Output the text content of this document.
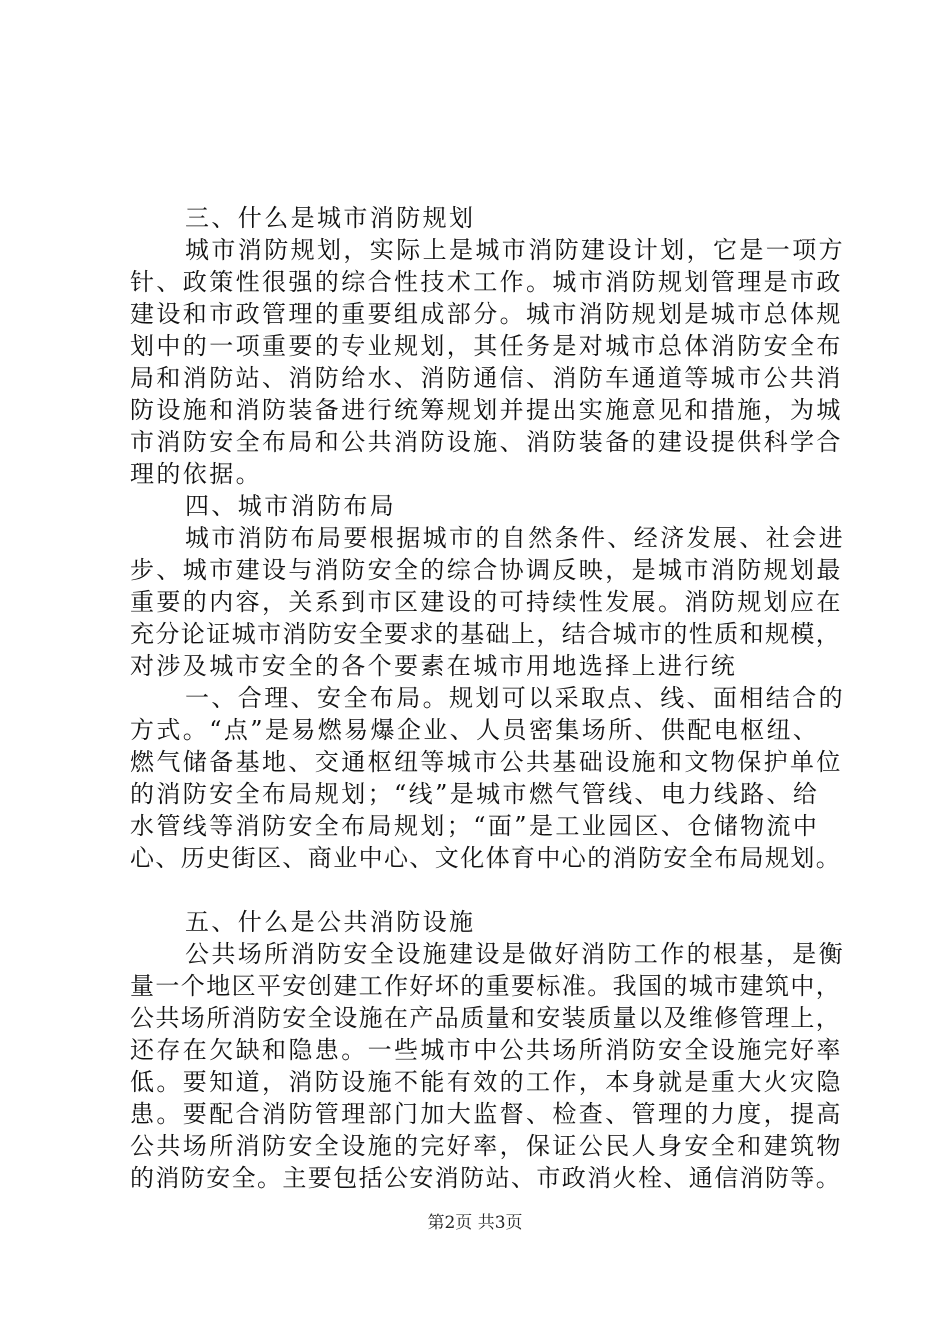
三、什么是城市消防规划
城市消防规划，实际上是城市消防建设计划，它是一项方
针、政策性很强的综合性技术工作。城市消防规划管理是市政
建设和市政管理的重要组成部分。城市消防规划是城市总体规
划中的一项重要的专业规划，其任务是对城市总体消防安全布
局和消防站、消防给水、消防通信、消防车通道等城市公共消
防设施和消防装备进行统筹规划并提出实施意见和措施，为城
市消防安全布局和公共消防设施、消防装备的建设提供科学合
理的依据。
四、城市消防布局
城市消防布局要根据城市的自然条件、经济发展、社会进
步、城市建设与消防安全的综合协调反映，是城市消防规划最
重要的内容，关系到市区建设的可持续性发展。消防规划应在
充分论证城市消防安全要求的基础上，结合城市的性质和规模，
对涉及城市安全的各个要素在城市用地选择上进行统
一、合理、安全布局。规划可以采取点、线、面相结合的
方式。“点”是易燃易爆企业、人员密集场所、供配电枢纽、
燃气储备基地、交通枢纽等城市公共基础设施和文物保护单位
的消防安全布局规划；“线”是城市燃气管线、电力线路、给
水管线等消防安全布局规划；“面”是工业园区、仓储物流中
心、历史街区、商业中心、文化体育中心的消防安全布局规划。
五、什么是公共消防设施
公共场所消防安全设施建设是做好消防工作的根基，是衡
量一个地区平安创建工作好坏的重要标准。我国的城市建筑中，
公共场所消防安全设施在产品质量和安装质量以及维修管理上，
还存在欠缺和隐患。一些城市中公共场所消防安全设施完好率
低。要知道，消防设施不能有效的工作，本身就是重大火灾隐
患。要配合消防管理部门加大监督、检查、管理的力度，提高
公共场所消防安全设施的完好率，保证公民人身安全和建筑物
的消防安全。主要包括公安消防站、市政消火栓、通信消防等。
第2页 共3页
